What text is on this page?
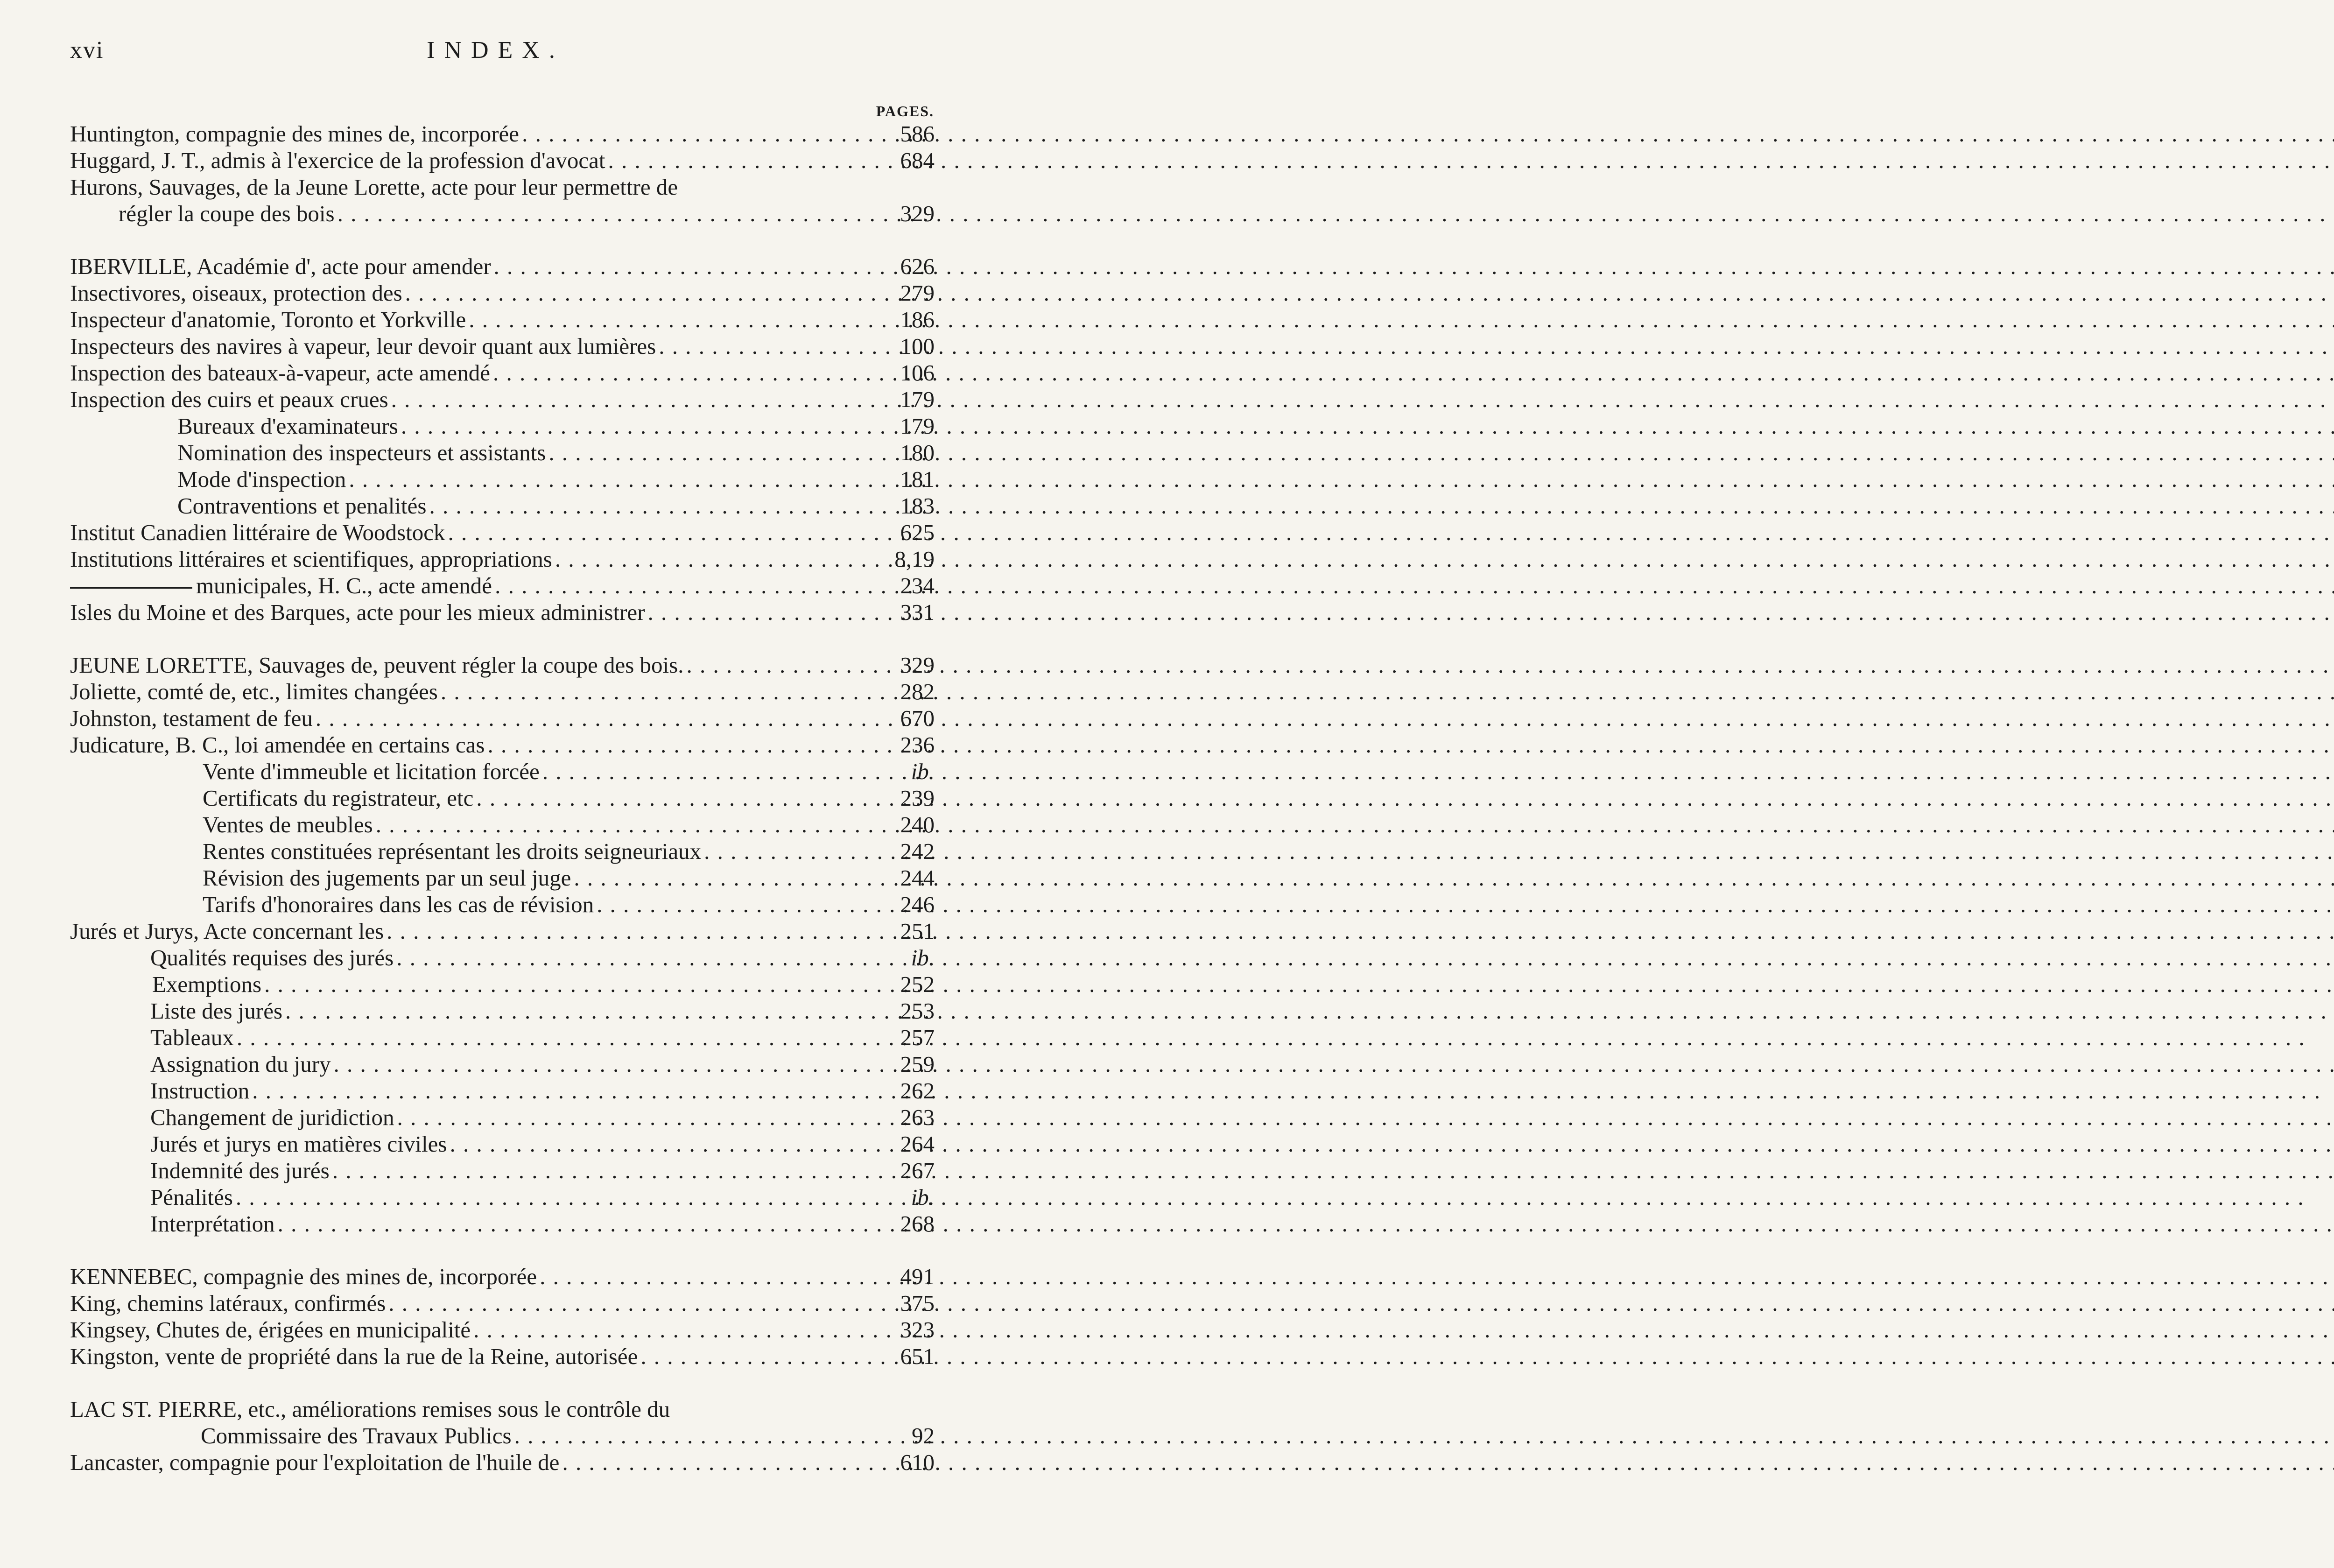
xvi	INDEX.
PAGES.
Huntington, compagnie des mines de, incorporée . . .	586
Huggard, J. T., admis à l'exercice de la profession d'avocat . . .	684
Hurons, Sauvages, de la Jeune Lorette, acte pour leur permettre de
régler la coupe des bois . . .	329
IBERVILLE, Académie d', acte pour amender . . .	626
Insectivores, oiseaux, protection des . . .	279
Inspecteur d'anatomie, Toronto et Yorkville . . .	186
Inspecteurs des navires à vapeur, leur devoir quant aux lumières . . .	100
Inspection des bateaux-à-vapeur, acte amendé . . .	106
Inspection des cuirs et peaux crues . . .	179
Bureaux d'examinateurs . . .	179
Nomination des inspecteurs et assistants . . .	180
Mode d'inspection . . .	181
Contraventions et penalités . . .	183
Institut Canadien littéraire de Woodstock . . .	625
Institutions littéraires et scientifiques, appropriations . . .	8,19
municipales, H. C., acte amendé . . .	234
Isles du Moine et des Barques, acte pour les mieux administrer . . .	331
JEUNE LORETTE, Sauvages de, peuvent régler la coupe des bois. . . .	329
Joliette, comté de, etc., limites changées . . .	282
Johnston, testament de feu . . .	670
Judicature, B. C., loi amendée en certains cas . . .	236
Vente d'immeuble et licitation forcée . . .	ib.
Certificats du registrateur, etc . . .	239
Ventes de meubles . . .	240
Rentes constituées représentant les droits seigneuriaux . . .	242
Révision des jugements par un seul juge . . .	244
Tarifs d'honoraires dans les cas de révision . . .	246
Jurés et Jurys, Acte concernant les . . .	251
Qualités requises des jurés . . .	ib.
Exemptions . . .	252
Liste des jurés . . .	253
Tableaux . . .	257
Assignation du jury . . .	259
Instruction . . .	262
Changement de juridiction . . .	263
Jurés et jurys en matières civiles . . .	264
Indemnité des jurés . . .	267
Pénalités . . .	ib.
Interprétation . . .	268
KENNEBEC, compagnie des mines de, incorporée . . .	491
King, chemins latéraux, confirmés . . .	375
Kingsey, Chutes de, érigées en municipalité . . .	323
Kingston, vente de propriété dans la rue de la Reine, autorisée . . .	651
LAC ST. PIERRE, etc., améliorations remises sous le contrôle du
Commissaire des Travaux Publics . . .	92
Lancaster, compagnie pour l'exploitation de l'huile de . . .	610
